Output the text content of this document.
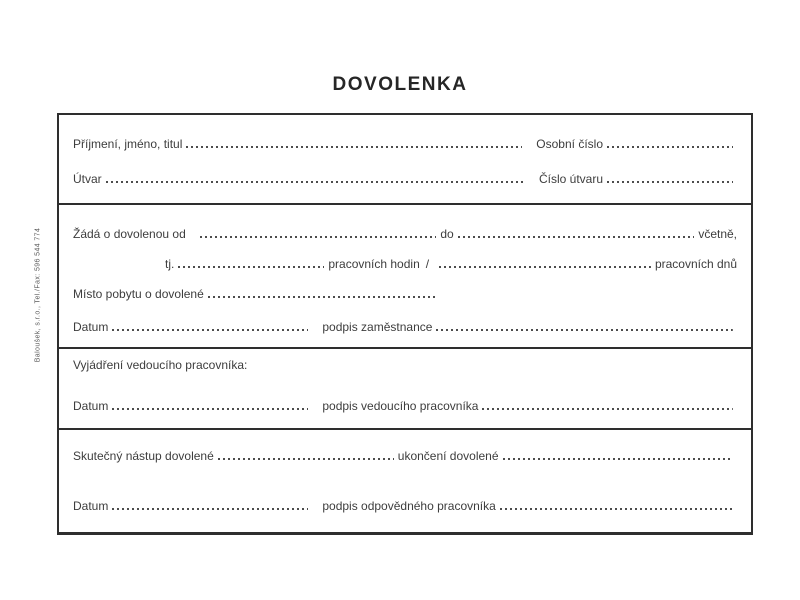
DOVOLENKA
Baloušek, s.r.o., Tel./Fax: 596 544 774
Příjmení, jméno, titul	Osobní číslo
Útvar	Číslo útvaru
Žádá o dovolenou od	do	včetně,
tj.	pracovních hodin /	pracovních dnů
Místo pobytu o dovolené
Datum	podpis zaměstnance
Vyjádření vedoucího pracovníka:
Datum	podpis vedoucího pracovníka
Skutečný nástup dovolené	ukončení dovolené
Datum	podpis odpovědného pracovníka
